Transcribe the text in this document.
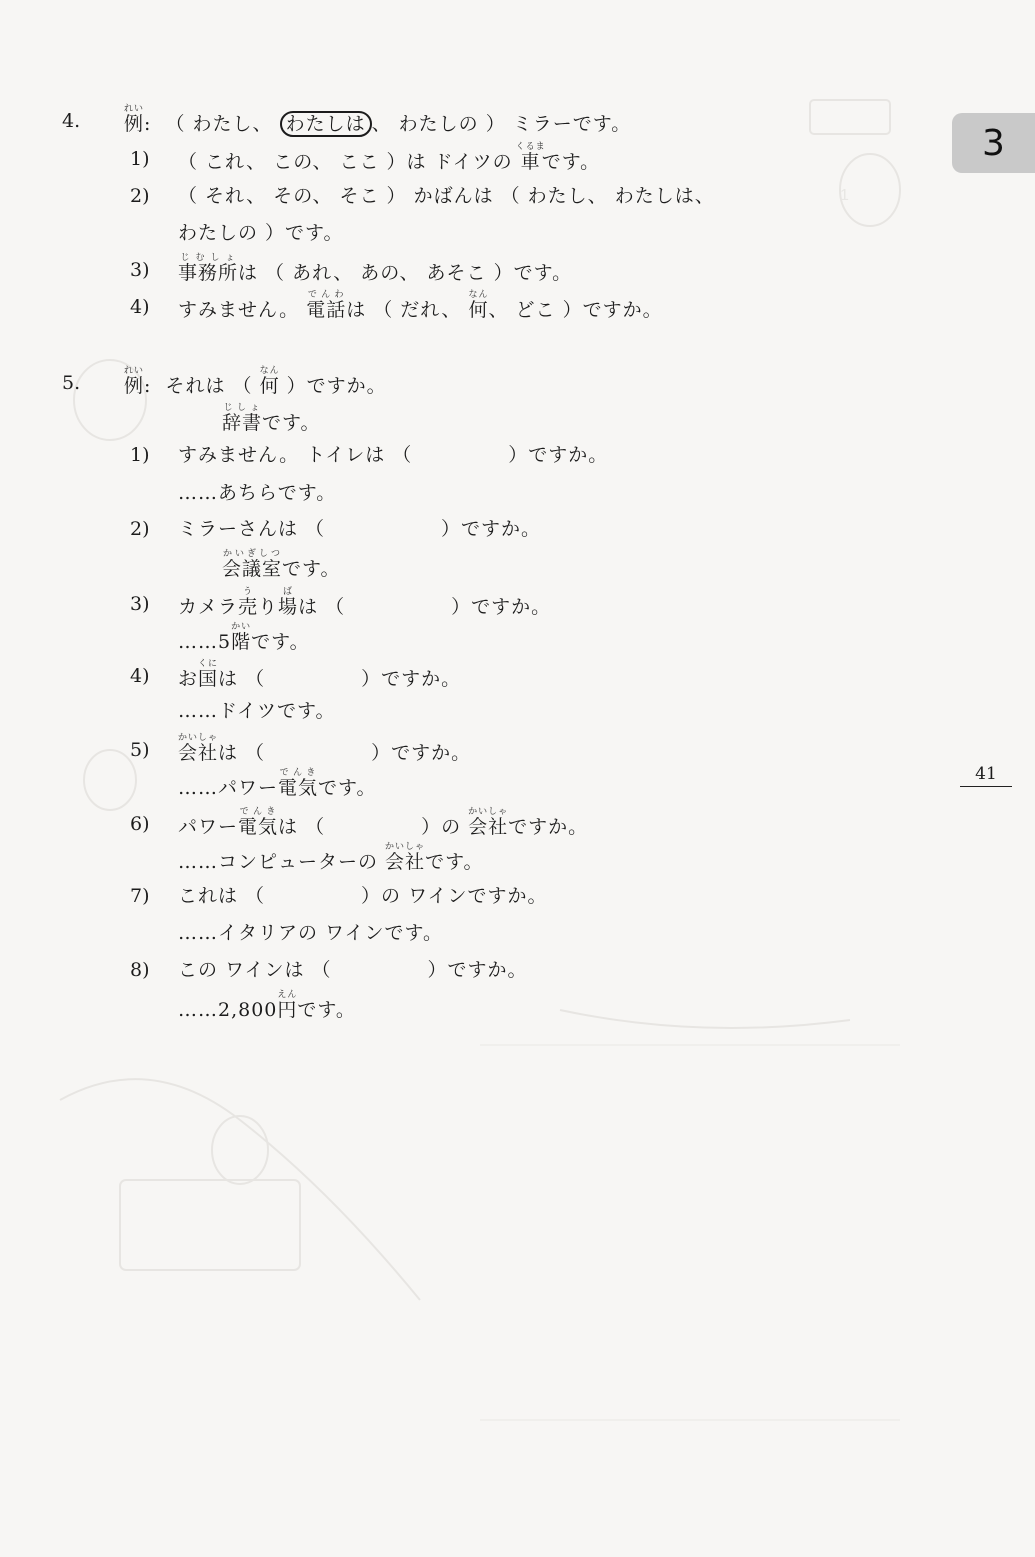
1
3
41
4. 例れい: （ わたし、 わたしは 、 わたしの ） ミラーです。
1) （ これ、 この、 ここ ）は ドイツの 車くるまです。
2) （ それ、 その、 そこ ） かばんは （ わたし、 わたしは、
わたしの ）です。
3) 事務所じむしょは （ あれ、 あの、 あそこ ）です。
4) すみません。 電話でんわは （ だれ、 何なん、 どこ ）ですか。
5. 例れい: それは （ 何なん ）ですか。
辞書じしょです。
1) すみません。 トイレは （	）ですか。
……あちらです。
2) ミラーさんは （	）ですか。
会議室かいぎしつです。
3) カメラ売うり場ばは （	）ですか。
……5階かいです。
4) お国くには （	）ですか。
……ドイツです。
5) 会社かいしゃは （	）ですか。
……パワー電気でんきです。
6) パワー電気でんきは （	）の 会社かいしゃですか。
……コンピューターの 会社かいしゃです。
7) これは （	）の ワインですか。
……イタリアの ワインです。
8) この ワインは （	）ですか。
……2,800円えんです。
